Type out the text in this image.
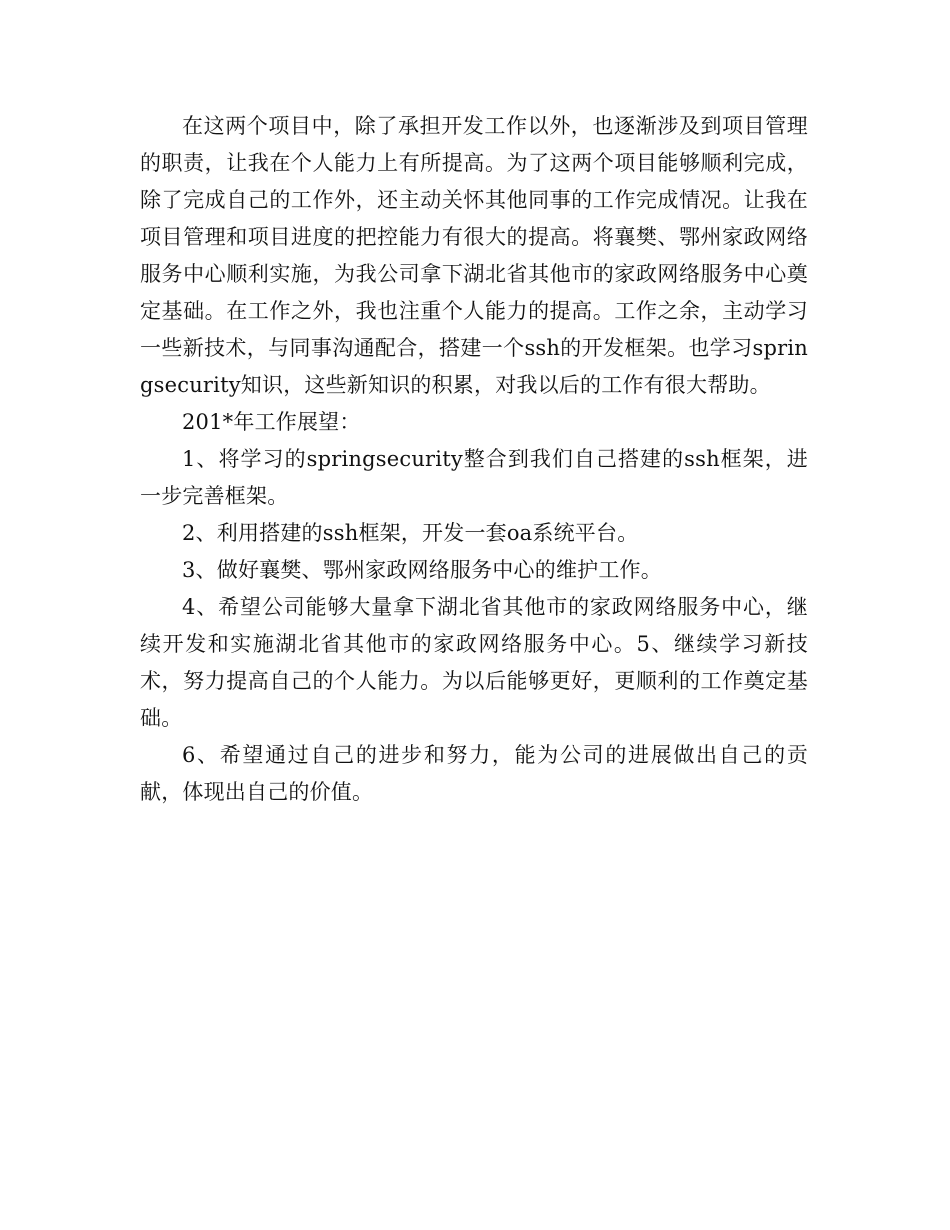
在这两个项目中，除了承担开发工作以外，也逐渐涉及到项目管理的职责，让我在个人能力上有所提高。为了这两个项目能够顺利完成，除了完成自己的工作外，还主动关怀其他同事的工作完成情况。让我在项目管理和项目进度的把控能力有很大的提高。将襄樊、鄂州家政网络服务中心顺利实施，为我公司拿下湖北省其他市的家政网络服务中心奠定基础。在工作之外，我也注重个人能力的提高。工作之余，主动学习一些新技术，与同事沟通配合，搭建一个ssh的开发框架。也学习springsecurity知识，这些新知识的积累，对我以后的工作有很大帮助。

201*年工作展望：

1、将学习的springsecurity整合到我们自己搭建的ssh框架，进一步完善框架。

2、利用搭建的ssh框架，开发一套oa系统平台。

3、做好襄樊、鄂州家政网络服务中心的维护工作。

4、希望公司能够大量拿下湖北省其他市的家政网络服务中心，继续开发和实施湖北省其他市的家政网络服务中心。5、继续学习新技术，努力提高自己的个人能力。为以后能够更好，更顺利的工作奠定基础。

6、希望通过自己的进步和努力，能为公司的进展做出自己的贡献，体现出自己的价值。
